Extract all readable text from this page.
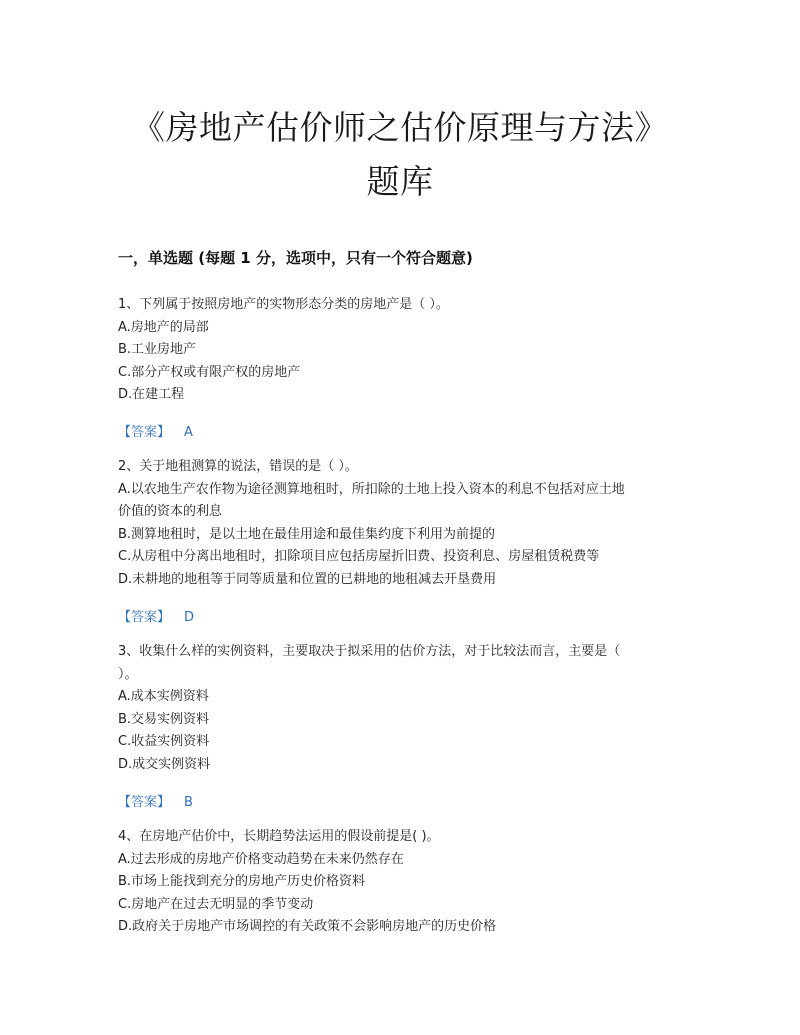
《房地产估价师之估价原理与方法》
题库
一，单选题 (每题 1 分，选项中，只有一个符合题意)
1、下列属于按照房地产的实物形态分类的房地产是（ ）。
A.房地产的局部
B.工业房地产
C.部分产权或有限产权的房地产
D.在建工程
【答案】 A
2、关于地租测算的说法，错误的是（ ）。
A.以农地生产农作物为途径测算地租时，所扣除的土地上投入资本的利息不包括对应土地
价值的资本的利息
B.测算地租时，是以土地在最佳用途和最佳集约度下利用为前提的
C.从房租中分离出地租时，扣除项目应包括房屋折旧费、投资利息、房屋租赁税费等
D.未耕地的地租等于同等质量和位置的已耕地的地租减去开垦费用
【答案】 D
3、收集什么样的实例资料，主要取决于拟采用的估价方法，对于比较法而言，主要是（
）。
A.成本实例资料
B.交易实例资料
C.收益实例资料
D.成交实例资料
【答案】 B
4、在房地产估价中，长期趋势法运用的假设前提是( )。
A.过去形成的房地产价格变动趋势在未来仍然存在
B.市场上能找到充分的房地产历史价格资料
C.房地产在过去无明显的季节变动
D.政府关于房地产市场调控的有关政策不会影响房地产的历史价格
